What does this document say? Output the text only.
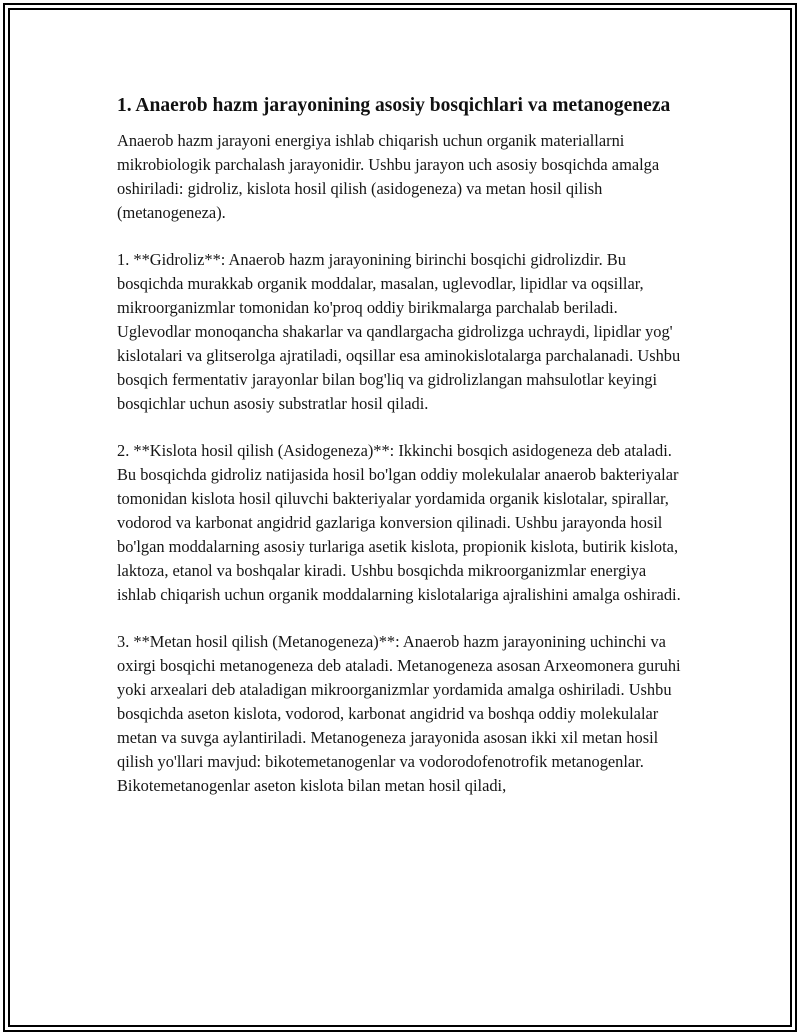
1. Anaerob hazm jarayonining asosiy bosqichlari va metanogeneza

Anaerob hazm jarayoni energiya ishlab chiqarish uchun organik materiallarni mikrobiologik parchalash jarayonidir. Ushbu jarayon uch asosiy bosqichda amalga oshiriladi: gidroliz, kislota hosil qilish (asidogeneza) va metan hosil qilish (metanogeneza).

1. **Gidroliz**: Anaerob hazm jarayonining birinchi bosqichi gidrolizdir. Bu bosqichda murakkab organik moddalar, masalan, uglevodlar, lipidlar va oqsillar, mikroorganizmlar tomonidan ko'proq oddiy birikmalarga parchalab beriladi. Uglevodlar monoqancha shakarlar va qandlargacha gidrolizga uchraydi, lipidlar yog' kislotalari va glitserolga ajratiladi, oqsillar esa aminokislotalarga parchalanadi. Ushbu bosqich fermentativ jarayonlar bilan bog'liq va gidrolizlangan mahsulotlar keyingi bosqichlar uchun asosiy substratlar hosil qiladi.

2. **Kislota hosil qilish (Asidogeneza)**: Ikkinchi bosqich asidogeneza deb ataladi. Bu bosqichda gidroliz natijasida hosil bo'lgan oddiy molekulalar anaerob bakteriyalar tomonidan kislota hosil qiluvchi bakteriyalar yordamida organik kislotalar, spirallar, vodorod va karbonat angidrid gazlariga konversion qilinadi. Ushbu jarayonda hosil bo'lgan moddalarning asosiy turlariga asetik kislota, propionik kislota, butirik kislota, laktoza, etanol va boshqalar kiradi. Ushbu bosqichda mikroorganizmlar energiya ishlab chiqarish uchun organik moddalarning kislotalariga ajralishini amalga oshiradi.

3. **Metan hosil qilish (Metanogeneza)**: Anaerob hazm jarayonining uchinchi va oxirgi bosqichi metanogeneza deb ataladi. Metanogeneza asosan Arxeomonera guruhi yoki arxealari deb ataladigan mikroorganizmlar yordamida amalga oshiriladi. Ushbu bosqichda aseton kislota, vodorod, karbonat angidrid va boshqa oddiy molekulalar metan va suvga aylantiriladi. Metanogeneza jarayonida asosan ikki xil metan hosil qilish yo'llari mavjud: bikotemetanogenlar va vodorodofenotrofik metanogenlar. Bikotemetanogenlar aseton kislota bilan metan hosil qiladi,
